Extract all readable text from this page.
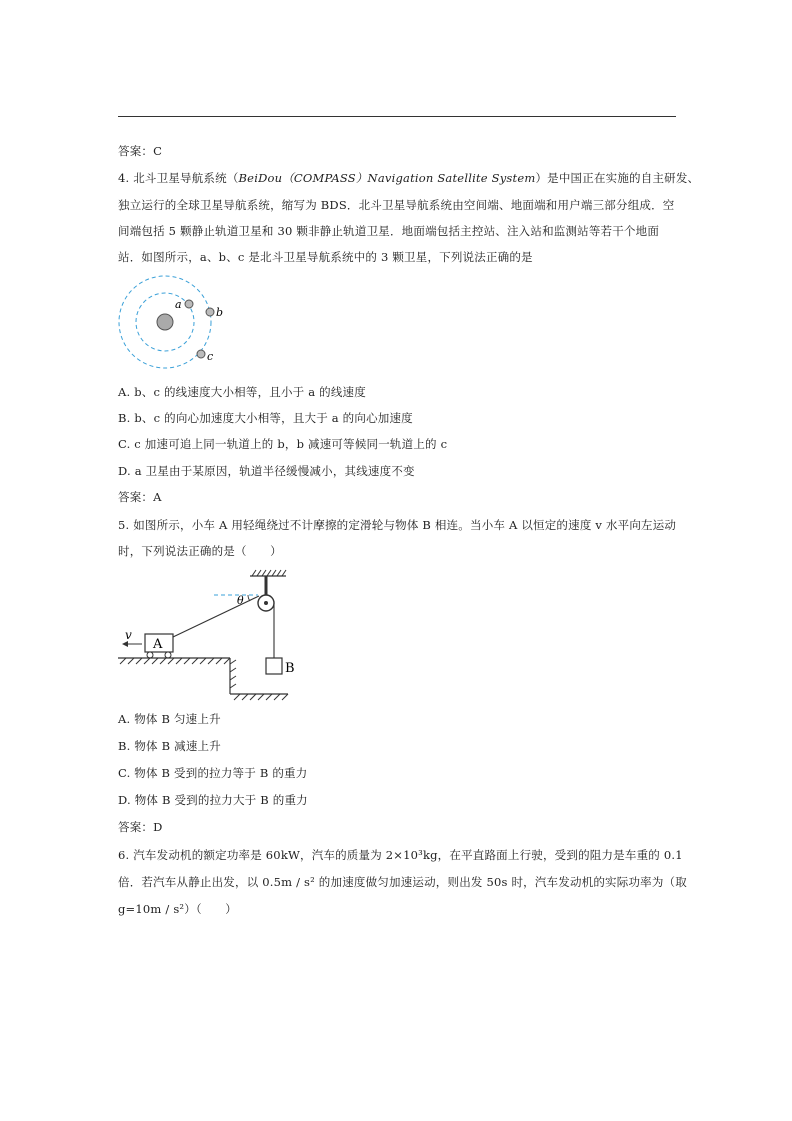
答案：C
4. 北斗卫星导航系统（BeiDou（COMPASS）Navigation Satellite System）是中国正在实施的自主研发、
独立运行的全球卫星导航系统，缩写为 BDS．北斗卫星导航系统由空间端、地面端和用户端三部分组成．空
间端包括 5 颗静止轨道卫星和 30 颗非静止轨道卫星．地面端包括主控站、注入站和监测站等若干个地面
站．如图所示，a、b、c 是北斗卫星导航系统中的 3 颗卫星，下列说法正确的是
a
b
c
A. b、c 的线速度大小相等，且小于 a 的线速度
B. b、c 的向心加速度大小相等，且大于 a 的向心加速度
C. c 加速可追上同一轨道上的 b，b 减速可等候同一轨道上的 c
D. a 卫星由于某原因，轨道半径缓慢减小，其线速度不变
答案：A
5. 如图所示，小车 A 用轻绳绕过不计摩擦的定滑轮与物体 B 相连。当小车 A 以恒定的速度 v 水平向左运动
时，下列说法正确的是（　　）
θ
A
v
B
A. 物体 B 匀速上升
B. 物体 B 减速上升
C. 物体 B 受到的拉力等于 B 的重力
D. 物体 B 受到的拉力大于 B 的重力
答案：D
6. 汽车发动机的额定功率是 60kW，汽车的质量为 2×10³kg，在平直路面上行驶，受到的阻力是车重的 0.1
倍．若汽车从静止出发，以 0.5m / s² 的加速度做匀加速运动，则出发 50s 时，汽车发动机的实际功率为（取
g=10m / s²）（　　）
